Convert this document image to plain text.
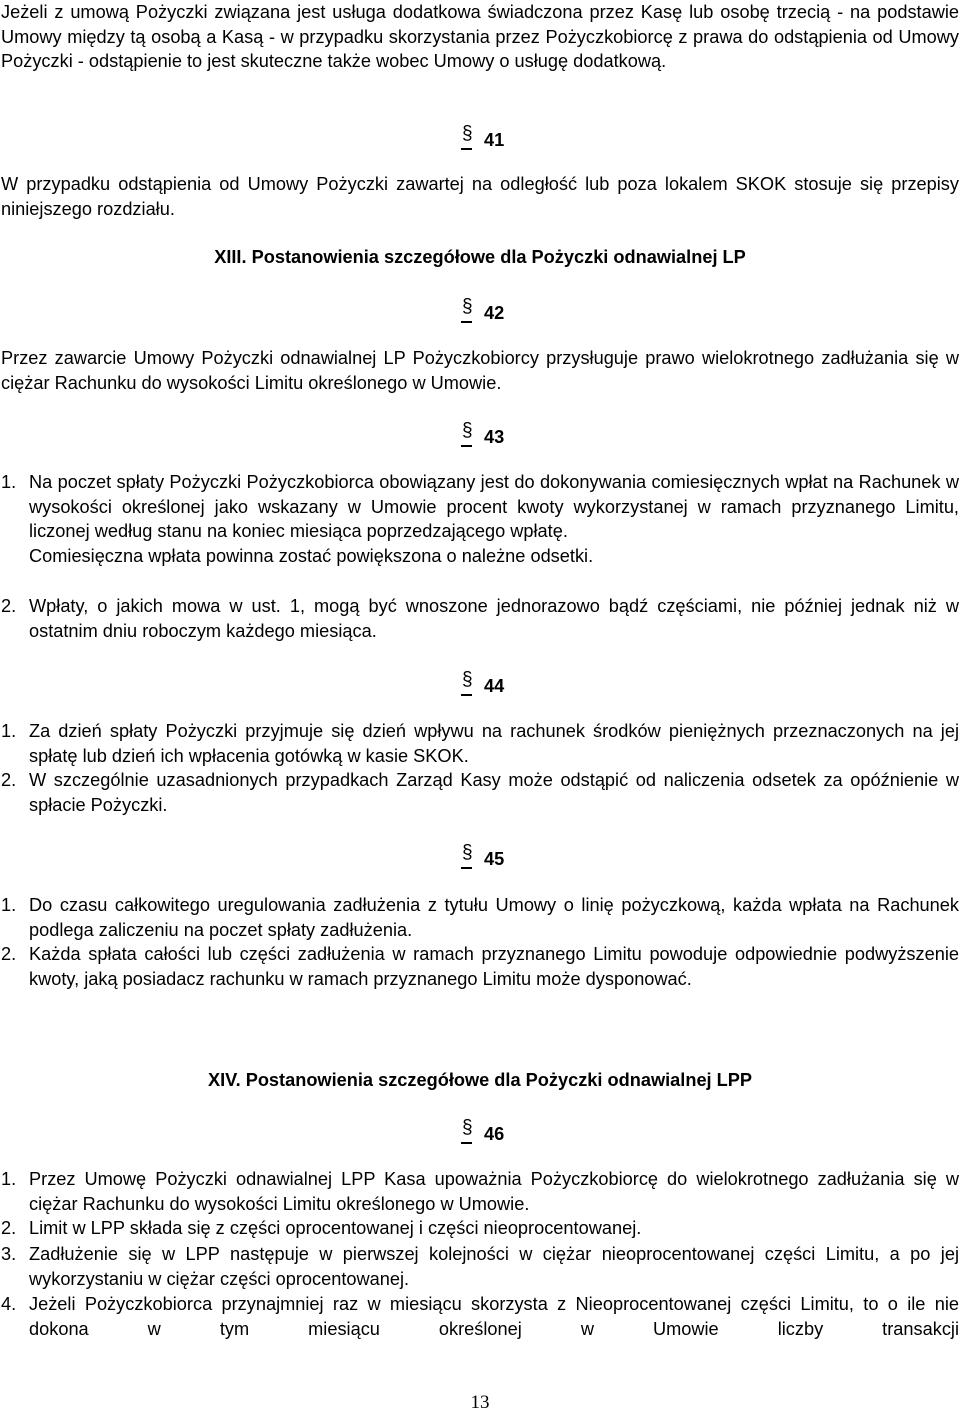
Jeżeli z umową Pożyczki związana jest usługa dodatkowa świadczona przez Kasę lub osobę trzecią - na podstawie Umowy między tą osobą a Kasą - w przypadku skorzystania przez Pożyczkobiorcę z prawa do odstąpienia od Umowy Pożyczki - odstąpienie to jest skuteczne także wobec Umowy o usługę dodatkową.

§ 41

W przypadku odstąpienia od Umowy Pożyczki zawartej na odległość lub poza lokalem SKOK stosuje się przepisy niniejszego rozdziału.

XIII. Postanowienia szczegółowe dla Pożyczki odnawialnej LP
§ 42

Przez zawarcie Umowy Pożyczki odnawialnej LP Pożyczkobiorcy przysługuje prawo wielokrotnego zadłużania się w ciężar Rachunku do wysokości Limitu określonego w Umowie.

§ 43
1. Na poczet spłaty Pożyczki Pożyczkobiorca obowiązany jest do dokonywania comiesięcznych wpłat na Rachunek w wysokości określonej jako wskazany w Umowie procent kwoty wykorzystanej w ramach przyznanego Limitu, liczonej według stanu na koniec miesiąca poprzedzającego wpłatę.
Comiesięczna wpłata powinna zostać powiększona o należne odsetki.
2. Wpłaty, o jakich mowa w ust. 1, mogą być wnoszone jednorazowo bądź częściami, nie później jednak niż w ostatnim dniu roboczym każdego miesiąca.
§ 44
1. Za dzień spłaty Pożyczki przyjmuje się dzień wpływu na rachunek środków pieniężnych przeznaczonych na jej spłatę lub dzień ich wpłacenia gotówką w kasie SKOK.
2. W szczególnie uzasadnionych przypadkach Zarząd Kasy może odstąpić od naliczenia odsetek za opóźnienie w spłacie Pożyczki.
§ 45
1. Do czasu całkowitego uregulowania zadłużenia z tytułu Umowy o linię pożyczkową, każda wpłata na Rachunek podlega zaliczeniu na poczet spłaty zadłużenia.
2. Każda spłata całości lub części zadłużenia w ramach przyznanego Limitu powoduje odpowiednie podwyższenie kwoty, jaką posiadacz rachunku w ramach przyznanego Limitu może dysponować.
XIV. Postanowienia szczegółowe dla Pożyczki odnawialnej LPP
§ 46
1. Przez Umowę Pożyczki odnawialnej LPP Kasa upoważnia Pożyczkobiorcę do wielokrotnego zadłużania się w ciężar Rachunku do wysokości Limitu określonego w Umowie.
2. Limit w LPP składa się z części oprocentowanej i części nieoprocentowanej.
3. Zadłużenie się w LPP następuje w pierwszej kolejności w ciężar nieoprocentowanej części Limitu, a po jej wykorzystaniu w ciężar części oprocentowanej.
4. Jeżeli Pożyczkobiorca przynajmniej raz w miesiącu skorzysta z Nieoprocentowanej części Limitu, to o ile nie dokona w tym miesiącu określonej w Umowie liczby transakcji
13
